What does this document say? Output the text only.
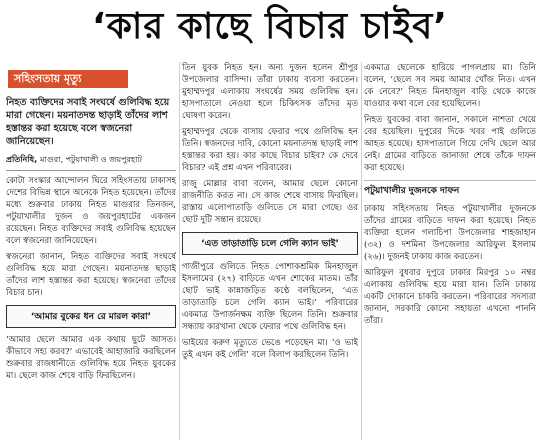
‘কার কাছে বিচার চাইব’
সহিংসতায় মৃত্যু

নিহত ব্যক্তিদের সবাই সংঘর্ষে গুলিবিদ্ধ হয়ে মারা গেছেন। ময়নাতদন্ত ছাড়াই তাঁদের লাশ হস্তান্তর করা হয়েছে বলে স্বজনেরা জানিয়েছেন।

প্রতিনিধি, মাগুরা, পটুয়াখালী ও জয়পুরহাট

কোটা সংস্কার আন্দোলন ঘিরে সহিংসতায় ঢাকাসহ দেশের বিভিন্ন স্থানে অনেকে নিহত হয়েছেন। তাঁদের মধ্যে শুক্রবার ঢাকায় নিহত মাগুরার তিনজন, পটুয়াখালীর দুজন ও জয়পুরহাটের একজন রয়েছেন। নিহত ব্যক্তিদের সবাই গুলিবিদ্ধ হয়েছেন বলে স্বজনেরা জানিয়েছেন।

স্বজনেরা জানান, নিহত ব্যক্তিদের সবাই সংঘর্ষে গুলিবিদ্ধ হয়ে মারা গেছেন। ময়নাতদন্ত ছাড়াই তাঁদের লাশ হস্তান্তর করা হয়েছে। স্বজনেরা তাঁদের বিচার চান।

‘আমার বুকের ধন রে মারল কারা’

‘আমার ছেলে আমার এক কথায় ছুটে আসত। কীভাবে সহ্য করব?’ এভাবেই আহাজারি করছিলেন শুক্রবার রাজধানীতে গুলিবিদ্ধ হয়ে নিহত যুবকের মা। ছেলে কাজ শেষে বাড়ি ফিরছিলেন।

তিন যুবক নিহত হন। অন্য দুজন হলেন শ্রীপুর উপজেলার বাসিন্দা। তাঁরা ঢাকায় ব্যবসা করতেন। মুহাম্মদপুর এলাকায় সংঘর্ষের সময় গুলিবিদ্ধ হন। হাসপাতালে নেওয়া হলে চিকিৎসক তাঁদের মৃত ঘোষণা করেন।

মুহাম্মদপুর থেকে বাসায় ফেরার পথে গুলিবিদ্ধ হন তিনি। স্বজনদের দাবি, কোনো ময়নাতদন্ত ছাড়াই লাশ হস্তান্তর করা হয়। কার কাছে বিচার চাইব? কে দেবে বিচার? এই প্রশ্ন এখন পরিবারের।

রাজু মোল্লার বাবা বলেন, আমার ছেলে কোনো রাজনীতি করত না। সে কাজ শেষে বাসায় ফিরছিল। রাস্তায় এলোপাতাড়ি গুলিতে সে মারা গেছে। ওর ছোট দুটি সন্তান রয়েছে।

‘এত তাড়াতাড়ি চলে গেলি ক্যান ভাই’

গাজীপুরে গুলিতে নিহত পোশাকশ্রমিক মিনহাজুল ইসলামের (২৭) বাড়িতে এখন শোকের মাতম। তাঁর ছোট ভাই কান্নাজড়িত কণ্ঠে বলছিলেন, ‘এত তাড়াতাড়ি চলে গেলি ক্যান ভাই।’ পরিবারের একমাত্র উপার্জনক্ষম ব্যক্তি ছিলেন তিনি। শুক্রবার সন্ধ্যায় কারখানা থেকে ফেরার পথে গুলিবিদ্ধ হন।

ভাইয়ের করুণ মৃত্যুতে ভেঙে পড়েছেন মা। ‘ও ভাই তুই এখন কই গেলি’ বলে বিলাপ করছিলেন তিনি।

একমাত্র ছেলেকে হারিয়ে পাগলপ্রায় মা। তিনি বলেন, ‘ছেলে সব সময় আমার খোঁজ নিত। এখন কে নেবে?’ নিহত মিনহাজুল বাড়ি থেকে কাজে যাওয়ার কথা বলে বের হয়েছিলেন।

নিহত যুবকের বাবা জানান, সকালে নাশতা খেয়ে বের হয়েছিল। দুপুরের দিকে খবর পাই গুলিতে আহত হয়েছে। হাসপাতালে গিয়ে দেখি ছেলে আর নেই। গ্রামের বাড়িতে জানাজা শেষে তাঁকে দাফন করা হয়েছে।

পটুয়াখালীর দুজনকে দাফন

ঢাকায় সহিংসতায় নিহত পটুয়াখালীর দুজনকে তাঁদের গ্রামের বাড়িতে দাফন করা হয়েছে। নিহত ব্যক্তিরা হলেন গলাচিপা উপজেলার শাহজাহান (৩২) ও দশমিনা উপজেলার আরিফুল ইসলাম (২৬)। দুজনই ঢাকায় কাজ করতেন।

আরিফুল বুধবার দুপুরে ঢাকার মিরপুর ১০ নম্বর এলাকায় গুলিবিদ্ধ হয়ে মারা যান। তিনি ঢাকায় একটি দোকানে চাকরি করতেন। পরিবারের সদস্যরা জানান, সরকারি কোনো সহায়তা এখনো পাননি তাঁরা।
